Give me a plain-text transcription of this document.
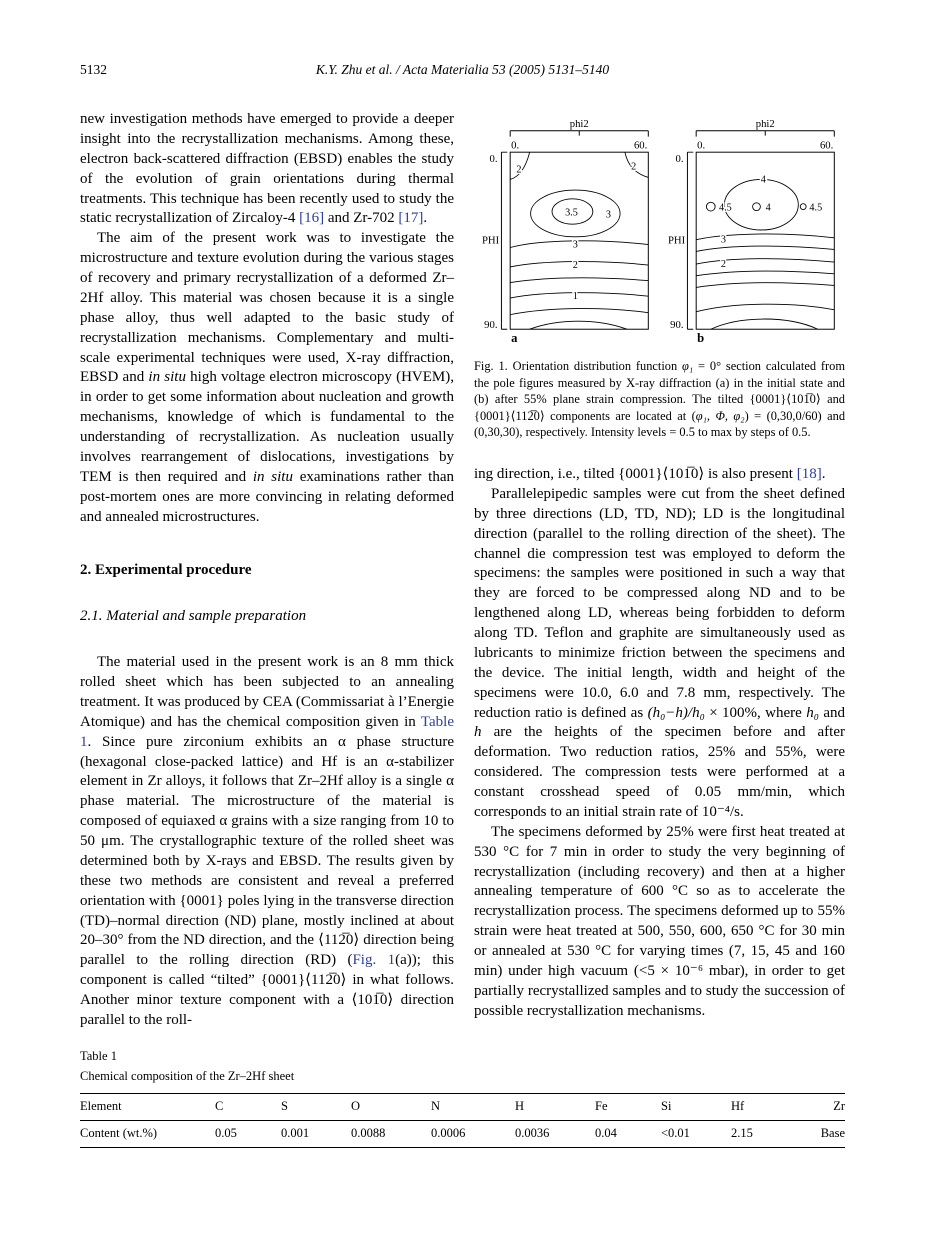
5132	K.Y. Zhu et al. / Acta Materialia 53 (2005) 5131–5140

new investigation methods have emerged to provide a deeper insight into the recrystallization mechanisms. Among these, electron back-scattered diffraction (EBSD) enables the study of the evolution of grain orientations during thermal treatments. This technique has been recently used to study the static recrystallization of Zircaloy-4 [16] and Zr-702 [17].

The aim of the present work was to investigate the microstructure and texture evolution during the various stages of recovery and primary recrystallization of a deformed Zr–2Hf alloy. This material was chosen because it is a single phase alloy, thus well adapted to the basic study of recrystallization mechanisms. Complementary and multi-scale experimental techniques were used, X-ray diffraction, EBSD and in situ high voltage electron microscopy (HVEM), in order to get some information about nucleation and growth mechanisms, knowledge of which is fundamental to the understanding of recrystallization. As nucleation usually involves rearrangement of dislocations, investigations by TEM is then required and in situ examinations rather than post-mortem ones are more convincing in relating deformed and annealed microstructures.

2. Experimental procedure
2.1. Material and sample preparation

The material used in the present work is an 8 mm thick rolled sheet which has been subjected to an annealing treatment. It was produced by CEA (Commissariat à l’Energie Atomique) and has the chemical composition given in Table 1. Since pure zirconium exhibits an α phase structure (hexagonal close-packed lattice) and Hf is an α-stabilizer element in Zr alloys, it follows that Zr–2Hf alloy is a single α phase material. The microstructure of the material is composed of equiaxed α grains with a size ranging from 10 to 50 μm. The crystallographic texture of the rolled sheet was determined both by X-rays and EBSD. The results given by these two methods are consistent and reveal a preferred orientation with {0001} poles lying in the transverse direction (TD)–normal direction (ND) plane, mostly inclined at about 20–30° from the ND direction, and the ⟨112̅0⟩ direction being parallel to the rolling direction (RD) (Fig. 1(a)); this component is called “tilted” {0001}⟨112̅0⟩ in what follows. Another minor texture component with a ⟨101̅0⟩ direction parallel to the roll-

phi2
0.	60.
0.
PHI
90.
2	2
3.5	3
3
2
1
a
phi2
0.	60.
0.
PHI
90.
4
4.5	4	4.5
3
2
b
Fig. 1. Orientation distribution function φ₁ = 0° section calculated from the pole figures measured by X-ray diffraction (a) in the initial state and (b) after 55% plane strain compression. The tilted {0001}⟨101̅0⟩ and {0001}⟨112̅0⟩ components are located at (φ₁, Φ, φ₂) = (0,30,0/60) and (0,30,30), respectively. Intensity levels = 0.5 to max by steps of 0.5.

ing direction, i.e., tilted {0001}⟨101̅0⟩ is also present [18].

Parallelepipedic samples were cut from the sheet defined by three directions (LD, TD, ND); LD is the longitudinal direction (parallel to the rolling direction of the sheet). The channel die compression test was employed to deform the specimens: the samples were positioned in such a way that they are forced to be compressed along ND and to be lengthened along LD, whereas being forbidden to deform along TD. Teflon and graphite are simultaneously used as lubricants to minimize friction between the specimens and the device. The initial length, width and height of the specimens were 10.0, 6.0 and 7.8 mm, respectively. The reduction ratio is defined as (h₀−h)/h₀ × 100%, where h₀ and h are the heights of the specimen before and after deformation. Two reduction ratios, 25% and 55%, were considered. The compression tests were performed at a constant crosshead speed of 0.05 mm/min, which corresponds to an initial strain rate of 10⁻⁴/s.

The specimens deformed by 25% were first heat treated at 530 °C for 7 min in order to study the very beginning of recrystallization (including recovery) and then at a higher annealing temperature of 600 °C so as to accelerate the recrystallization process. The specimens deformed up to 55% strain were heat treated at 500, 550, 600, 650 °C for 30 min or annealed at 530 °C for varying times (7, 15, 45 and 160 min) under high vacuum (<5 × 10⁻⁶ mbar), in order to get partially recrystallized samples and to study the succession of possible recrystallization mechanisms.

Table 1
Chemical composition of the Zr–2Hf sheet
Element	C	S	O	N	H	Fe	Si	Hf	Zr
Content (wt.%)	0.05	0.001	0.0088	0.0006	0.0036	0.04	<0.01	2.15	Base
